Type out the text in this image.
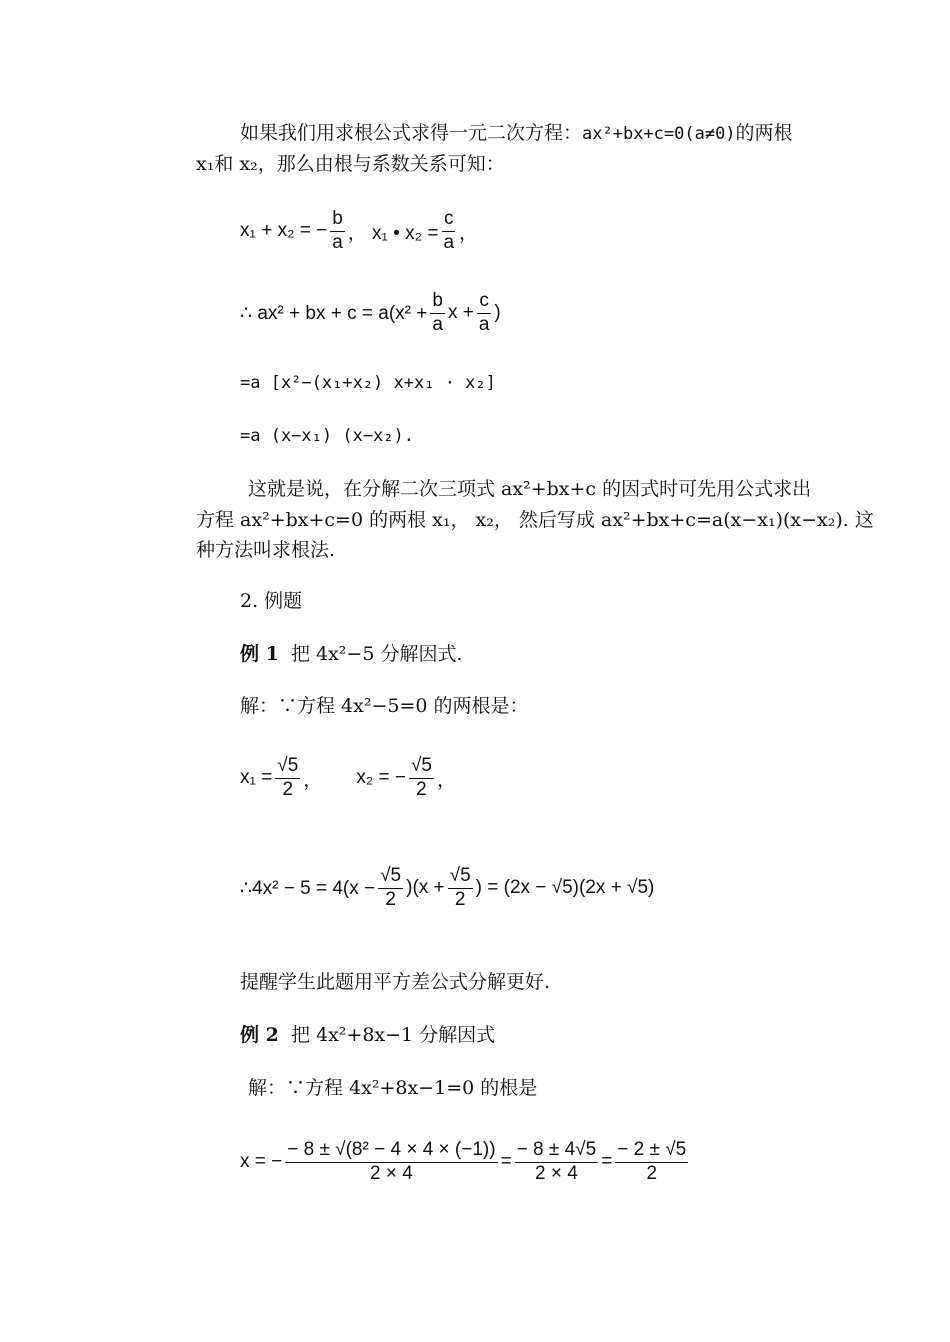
如果我们用求根公式求得一元二次方程：ax²+bx+c=0(a≠0)的两根
x₁和 x₂，那么由根与系数关系可知：
x₁ + x₂ = − $\frac{b}{a}$ ， x₁ • $x_2 = \frac{c}{a}$ ，
∴ ax² + bx + $c = a(x^2 + \frac{b}{a}$ $x + \frac{c}{a}$ )
=a [x²−(x₁+x₂) x+x₁ · x₂]
=a (x−x₁) (x−x₂).
这就是说，在分解二次三项式 ax²+bx+c 的因式时可先用公式求出
方程 ax²+bx+c=0 的两根 x₁， x₂， 然后写成 ax²+bx+c=a(x−x₁)(x−x₂). 这
种方法叫求根法.
2. 例题
例 1 把 4x²−5 分解因式.
解：∵方程 4x²−5=0 的两根是：
$x_1 = \frac{√5}{2}$ ， x₂ = − $\frac{√5}{2}$ ，
∴4x² − $5 = 4(x - \frac{√5}{2} )(x + \frac{√5}{2}$ ) = (2x − √5)(2x + √5)
提醒学生此题用平方差公式分解更好.
例 2 把 4x²+8x−1 分解因式
解：∵方程 4x²+8x−1=0 的根是
x = − $\frac{\text{− 8 ± √(8² − 4 × 4 × (−1))}}{2 \times 4} = \frac{- 8 \pm 4√5}{2 \times 4} = \frac{- 2 \pm √5}{2}$
